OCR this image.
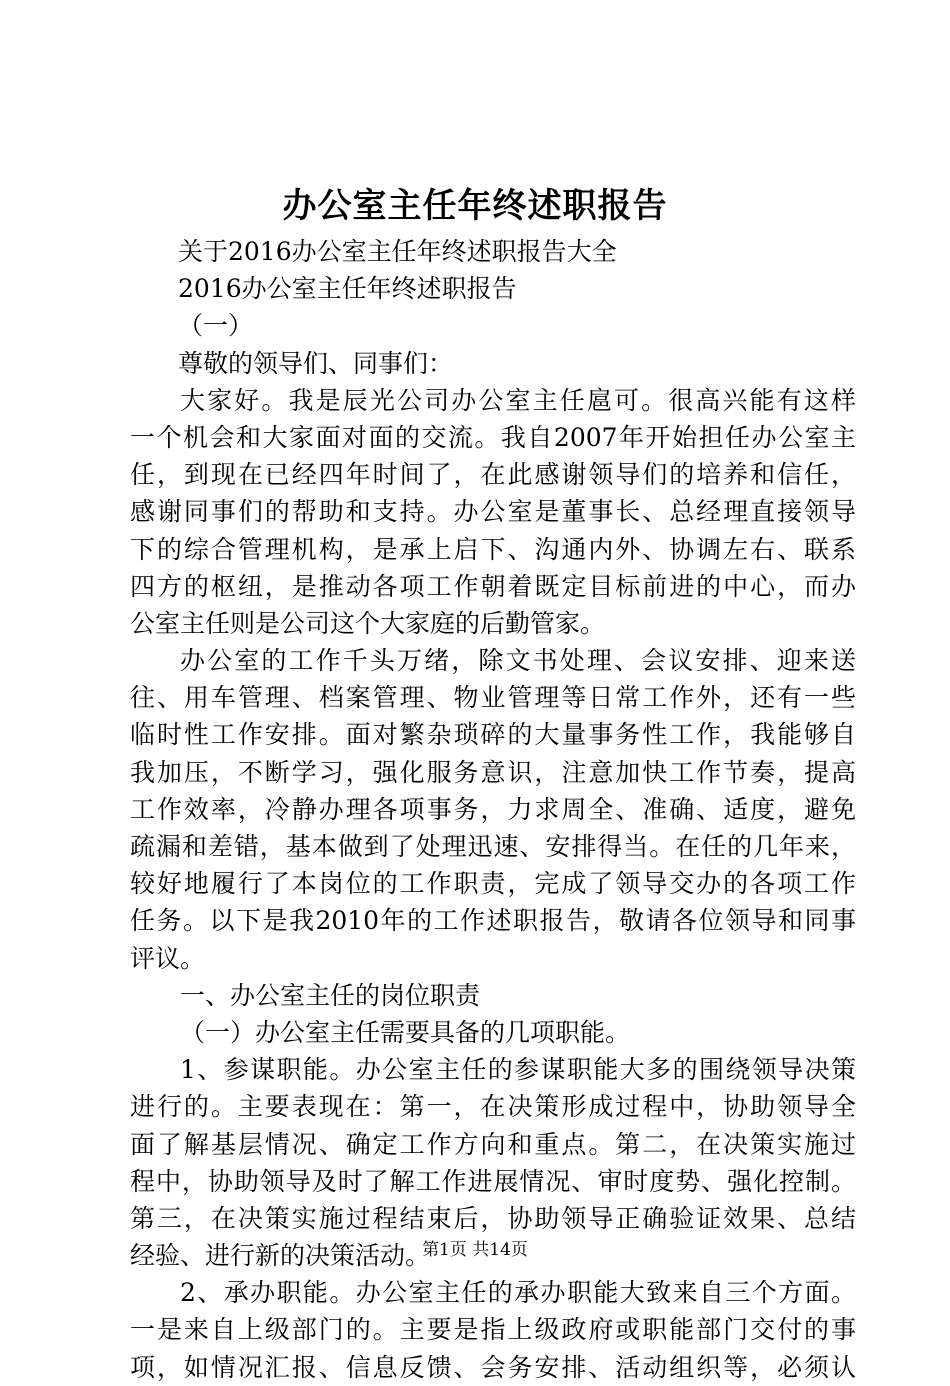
办公室主任年终述职报告
关于2016办公室主任年终述职报告大全
2016办公室主任年终述职报告
（一）
尊敬的领导们、同事们：
大家好。我是辰光公司办公室主任扈可。很高兴能有这样
一个机会和大家面对面的交流。我自2007年开始担任办公室主
任，到现在已经四年时间了，在此感谢领导们的培养和信任，
感谢同事们的帮助和支持。办公室是董事长、总经理直接领导
下的综合管理机构，是承上启下、沟通内外、协调左右、联系
四方的枢纽，是推动各项工作朝着既定目标前进的中心，而办
公室主任则是公司这个大家庭的后勤管家。
办公室的工作千头万绪，除文书处理、会议安排、迎来送
往、用车管理、档案管理、物业管理等日常工作外，还有一些
临时性工作安排。面对繁杂琐碎的大量事务性工作，我能够自
我加压，不断学习，强化服务意识，注意加快工作节奏，提高
工作效率，冷静办理各项事务，力求周全、准确、适度，避免
疏漏和差错，基本做到了处理迅速、安排得当。在任的几年来，
较好地履行了本岗位的工作职责，完成了领导交办的各项工作
任务。以下是我2010年的工作述职报告，敬请各位领导和同事
评议。
一、办公室主任的岗位职责
（一）办公室主任需要具备的几项职能。
1、参谋职能。办公室主任的参谋职能大多的围绕领导决策
进行的。主要表现在：第一，在决策形成过程中，协助领导全
面了解基层情况、确定工作方向和重点。第二，在决策实施过
程中，协助领导及时了解工作进展情况、审时度势、强化控制。
第三，在决策实施过程结束后，协助领导正确验证效果、总结
经验、进行新的决策活动。
2、承办职能。办公室主任的承办职能大致来自三个方面。
一是来自上级部门的。主要是指上级政府或职能部门交付的事
项，如情况汇报、信息反馈、会务安排、活动组织等，必须认
第1页 共14页
